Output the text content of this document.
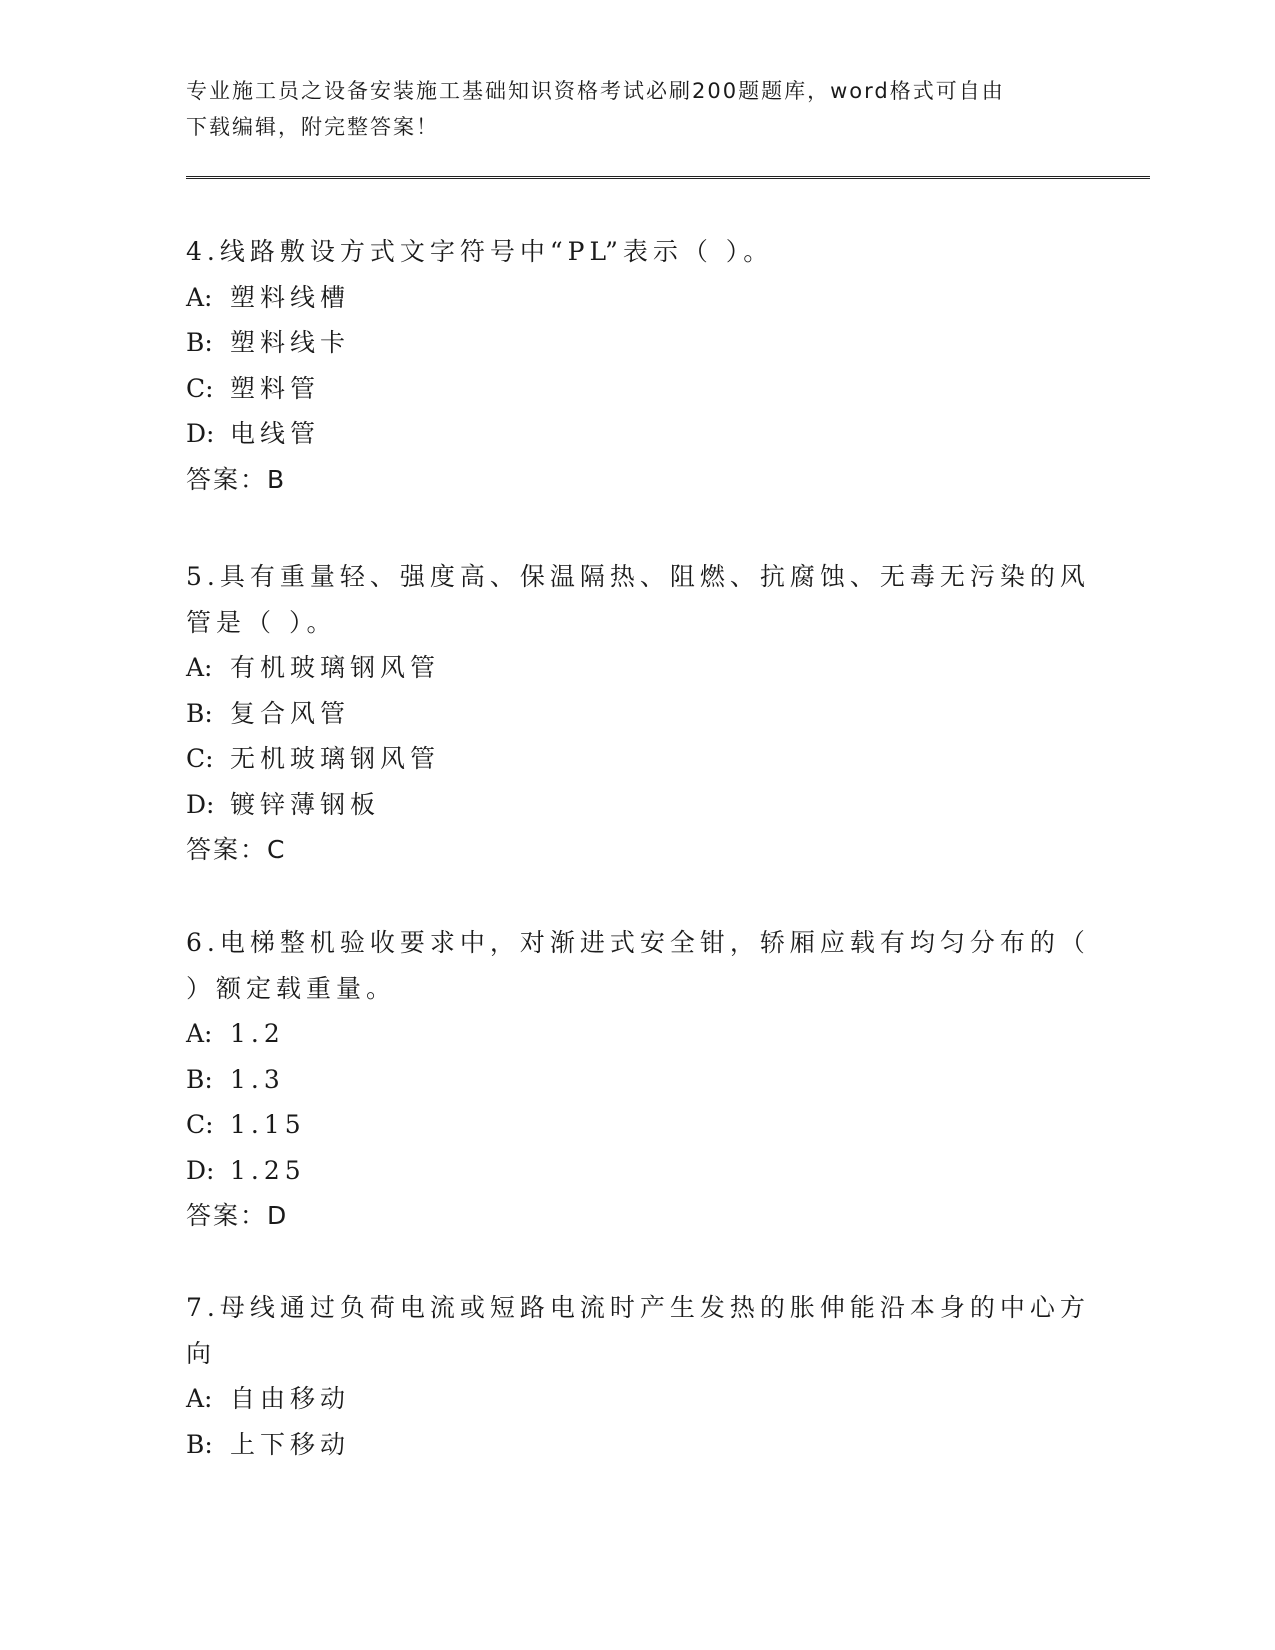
专业施工员之设备安装施工基础知识资格考试必刷200题题库，word格式可自由
下载编辑，附完整答案！
4.线路敷设方式文字符号中“PL”表示（ ）。
A: 塑料线槽
B: 塑料线卡
C: 塑料管
D: 电线管
答案：B
5.具有重量轻、强度高、保温隔热、阻燃、抗腐蚀、无毒无污染的风
管是（ ）。
A: 有机玻璃钢风管
B: 复合风管
C: 无机玻璃钢风管
D: 镀锌薄钢板
答案：C
6.电梯整机验收要求中，对渐进式安全钳，轿厢应载有均匀分布的（
）额定载重量。
A: 1.2
B: 1.3
C: 1.15
D: 1.25
答案：D
7.母线通过负荷电流或短路电流时产生发热的胀伸能沿本身的中心方
向
A: 自由移动
B: 上下移动
